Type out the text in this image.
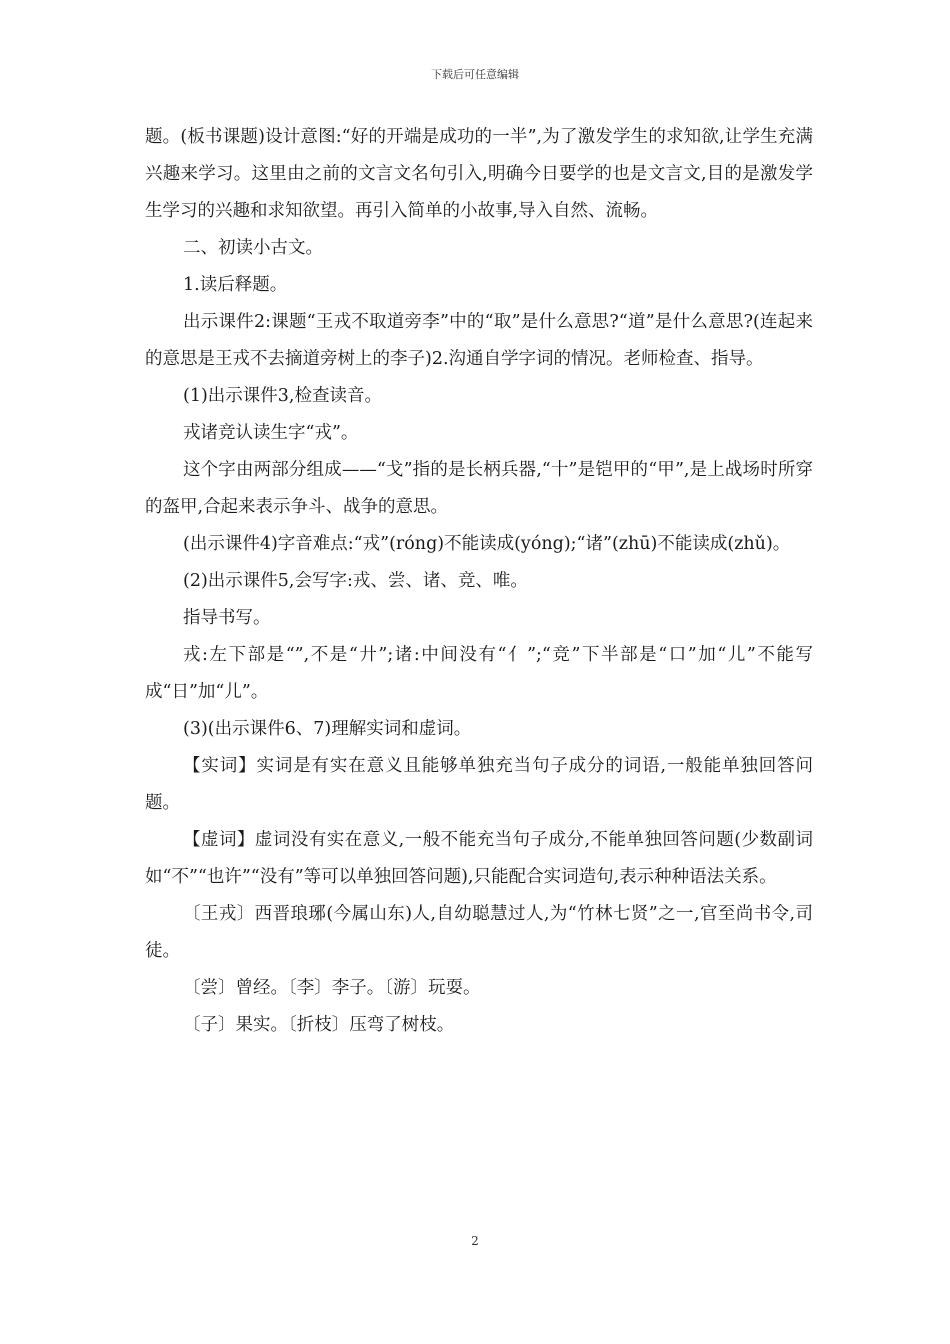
下载后可任意编辑

题。(板书课题)设计意图:“好的开端是成功的一半”,为了激发学生的求知欲,让学生充满兴趣来学习。这里由之前的文言文名句引入,明确今日要学的也是文言文,目的是激发学生学习的兴趣和求知欲望。再引入简单的小故事,导入自然、流畅。

二、初读小古文。

1.读后释题。

出示课件2:课题“王戎不取道旁李”中的“取”是什么意思?“道”是什么意思?(连起来的意思是王戎不去摘道旁树上的李子)2.沟通自学字词的情况。老师检查、指导。

(1)出示课件3,检查读音。

戎诸竞认读生字“戎”。

这个字由两部分组成——“戈”指的是长柄兵器,“十”是铠甲的“甲”,是上战场时所穿的盔甲,合起来表示争斗、战争的意思。

(出示课件4)字音难点:“戎”(róng)不能读成(yóng);“诸”(zhū)不能读成(zhǔ)。

(2)出示课件5,会写字:戎、尝、诸、竞、唯。

指导书写。

戎:左下部是“”,不是“廾”;诸:中间没有“亻”;“竞”下半部是“口”加“儿”不能写成“日”加“儿”。

(3)(出示课件6、7)理解实词和虚词。

【实词】实词是有实在意义且能够单独充当句子成分的词语,一般能单独回答问题。

【虚词】虚词没有实在意义,一般不能充当句子成分,不能单独回答问题(少数副词如“不”“也许”“没有”等可以单独回答问题),只能配合实词造句,表示种种语法关系。

〔王戎〕西晋琅琊(今属山东)人,自幼聪慧过人,为“竹林七贤”之一,官至尚书令,司徒。

〔尝〕曾经。〔李〕李子。〔游〕玩耍。

〔子〕果实。〔折枝〕压弯了树枝。

2
